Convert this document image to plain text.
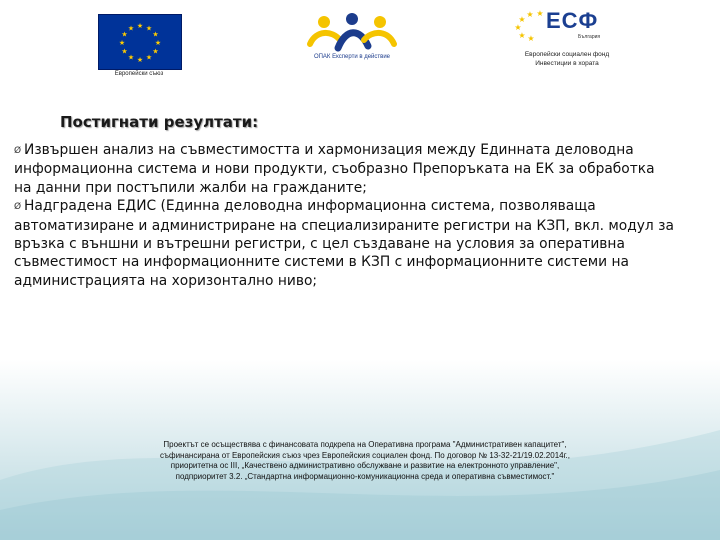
★ ★
★
★
★
★
★
★
★
★
★
★
Европейски съюз
ОПАК Експерти в действие
★
★
★
★
★ ★
ЕСФ
България
Европейски социален фонд
Инвестиции в хората
Постигнати резултати:

Ø Извършен анализ на съвместимостта и хармонизация между Единната деловодна информационна система и нови продукти, съобразно Препоръката на ЕК за обработка на данни при постъпили жалби на гражданите;

Ø Надградена ЕДИС (Единна деловодна информационна система, позволяваща автоматизиране и администриране на специализираните регистри на КЗП, вкл. модул за връзка с външни и вътрешни регистри, с цел създаване на условия за оперативна съвместимост на информационните системи в КЗП с информационните системи на администрацията на хоризонтално ниво;

Проектът се осъществява с финансовата подкрепа на Оперативна програма "Административен капацитет",
съфинансирана от Европейския съюз чрез Европейския социален фонд. По договор № 13-32-21/19.02.2014г.,
приоритетна ос III, „Качествено административно обслужване и развитие на електронното управление",
подприоритет 3.2. „Стандартна информационно-комуникационна среда и оперативна съвместимост."
